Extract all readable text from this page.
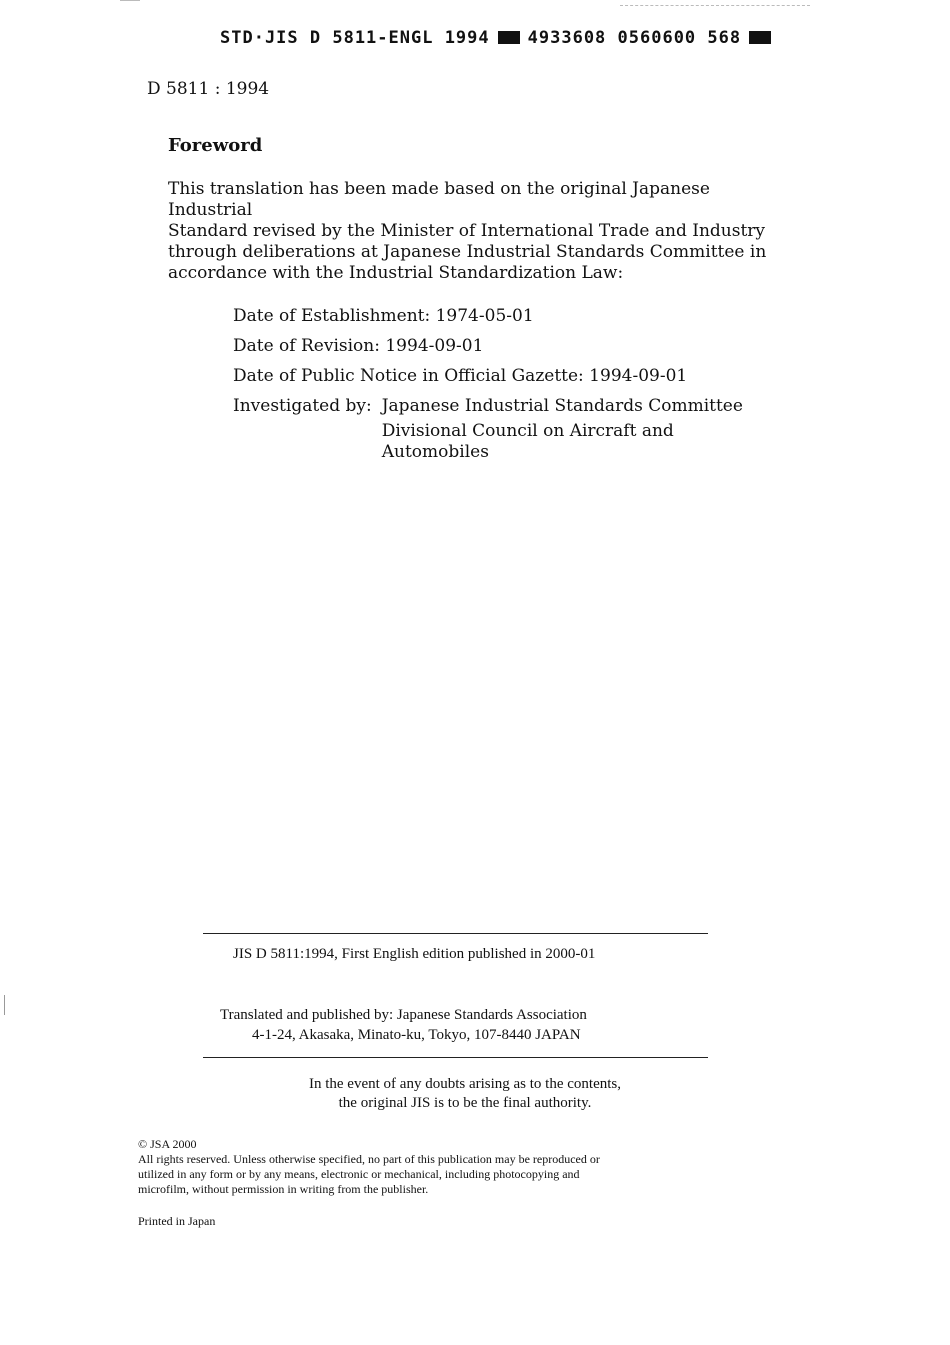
STD·JIS D 5811-ENGL 1994 4933608 0560600 568
D 5811 : 1994
Foreword
This translation has been made based on the original Japanese Industrial
Standard revised by the Minister of International Trade and Industry
through deliberations at Japanese Industrial Standards Committee in
accordance with the Industrial Standardization Law:
Date of Establishment: 1974-05-01
Date of Revision: 1994-09-01
Date of Public Notice in Official Gazette: 1994-09-01
Investigated by: Japanese Industrial Standards Committee
Divisional Council on Aircraft and
Automobiles
JIS D 5811:1994, First English edition published in 2000-01
Translated and published by: Japanese Standards Association
4-1-24, Akasaka, Minato-ku, Tokyo, 107-8440 JAPAN
In the event of any doubts arising as to the contents,
the original JIS is to be the final authority.
© JSA 2000
All rights reserved. Unless otherwise specified, no part of this publication may be reproduced or
utilized in any form or by any means, electronic or mechanical, including photocopying and
microfilm, without permission in writing from the publisher.
Printed in Japan
